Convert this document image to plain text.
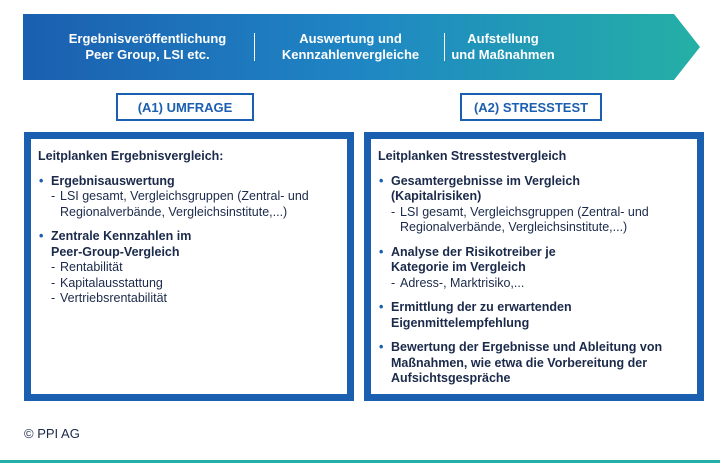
Ergebnisveröffentlichung
Peer Group, LSI etc.
Auswertung und
Kennzahlenvergleiche
Aufstellung
und Maßnahmen
(A1) UMFRAGE	(A2) STRESSTEST
Leitplanken Ergebnisvergleich:
• Ergebnisauswertung
- LSI gesamt, Vergleichsgruppen (Zentral- und Regionalverbände, Vergleichsinstitute,...)
• Zentrale Kennzahlen im
Peer-Group-Vergleich
- Rentabilität
- Kapitalausstattung
- Vertriebsrentabilität
Leitplanken Stresstestvergleich
• Gesamtergebnisse im Vergleich
(Kapitalrisiken)
- LSI gesamt, Vergleichsgruppen (Zentral- und Regionalverbände, Vergleichsinstitute,...)
• Analyse der Risikotreiber je
Kategorie im Vergleich
- Adress-, Marktrisiko,...
• Ermittlung der zu erwartenden
Eigenmittelempfehlung
• Bewertung der Ergebnisse und Ableitung von
Maßnahmen, wie etwa die Vorbereitung der
Aufsichtsgespräche
© PPI AG
